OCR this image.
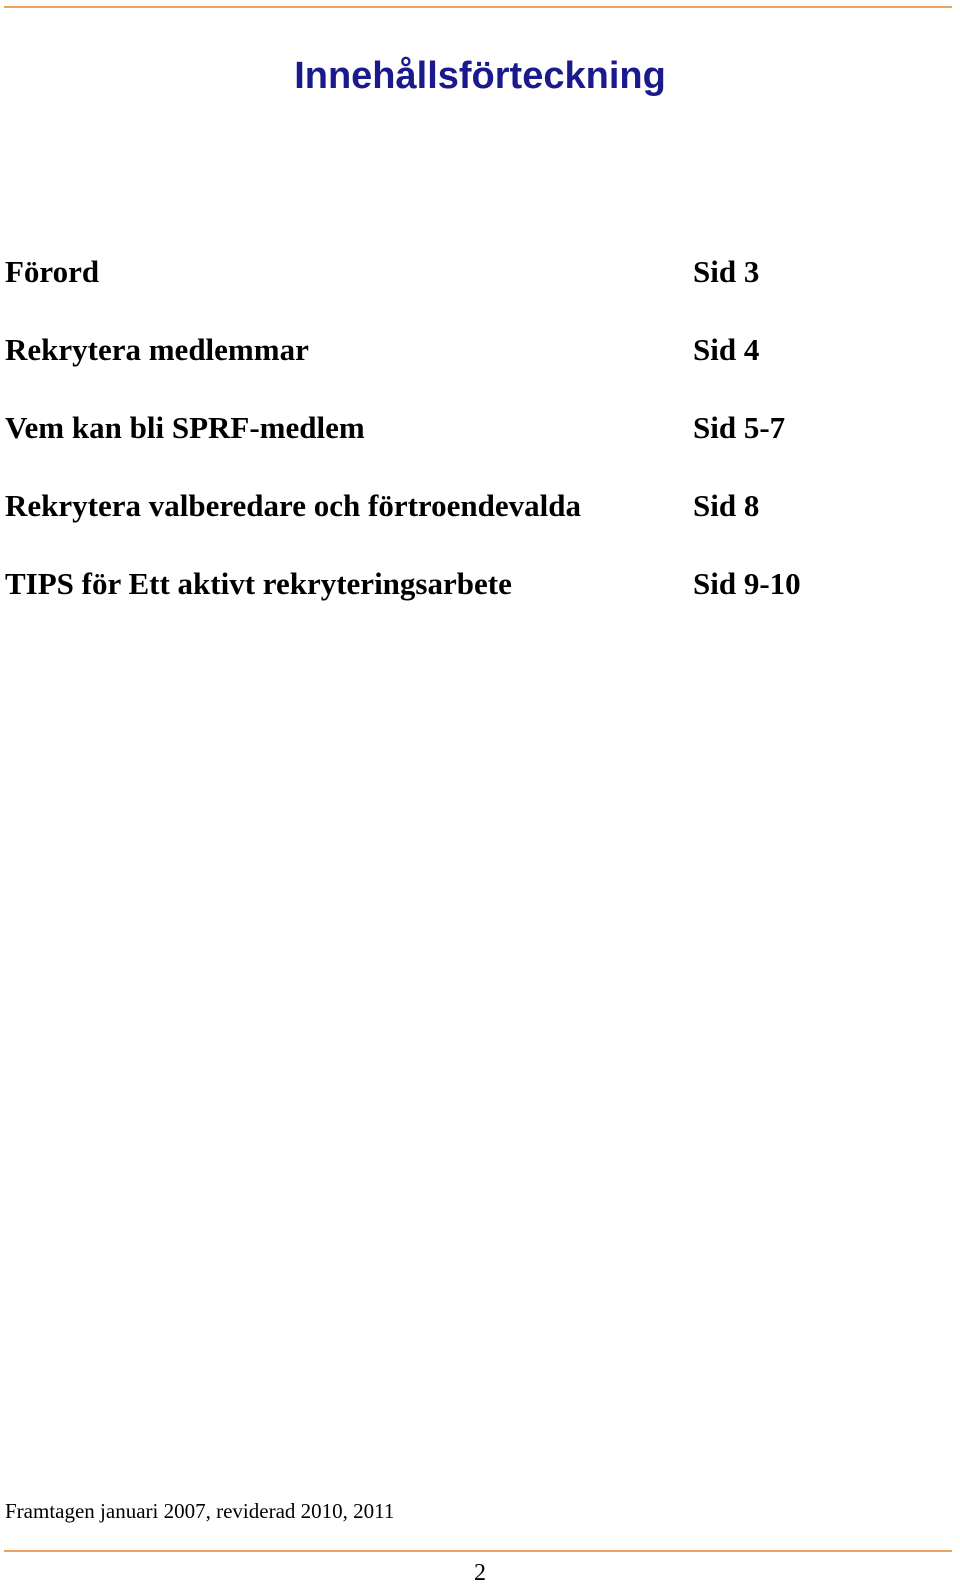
Innehållsförteckning
Förord	Sid 3
Rekrytera medlemmar	Sid 4
Vem kan bli SPRF-medlem	Sid 5-7
Rekrytera valberedare och förtroendevalda	Sid 8
TIPS för Ett aktivt rekryteringsarbete	Sid 9-10
Framtagen januari 2007, reviderad 2010, 2011
2
